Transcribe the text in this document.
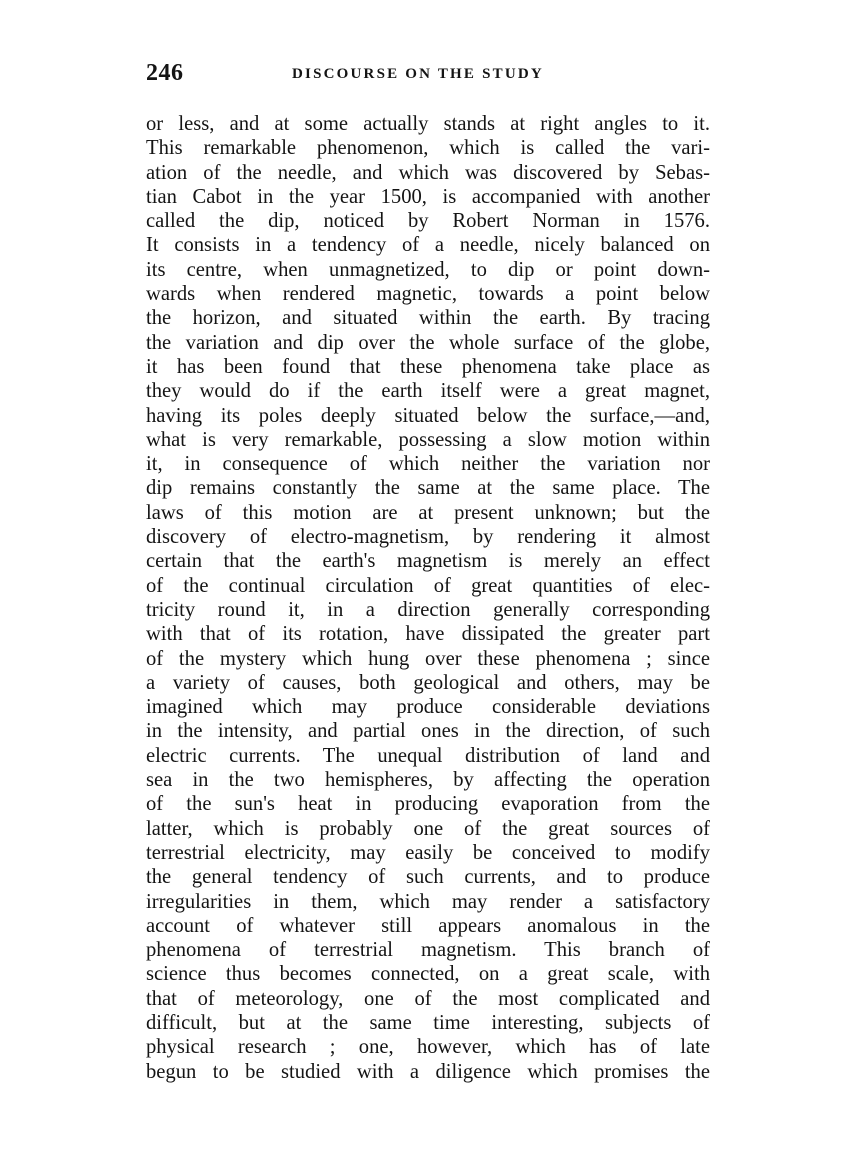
246	DISCOURSE ON THE STUDY
or less, and at some actually stands at right angles to it.
This remarkable phenomenon, which is called the vari-
ation of the needle, and which was discovered by Sebas-
tian Cabot in the year 1500, is accompanied with another
called the dip, noticed by Robert Norman in 1576.
It consists in a tendency of a needle, nicely balanced on
its centre, when unmagnetized, to dip or point down-
wards when rendered magnetic, towards a point below
the horizon, and situated within the earth. By tracing
the variation and dip over the whole surface of the globe,
it has been found that these phenomena take place as
they would do if the earth itself were a great magnet,
having its poles deeply situated below the surface,—and,
what is very remarkable, possessing a slow motion within
it, in consequence of which neither the variation nor
dip remains constantly the same at the same place. The
laws of this motion are at present unknown; but the
discovery of electro-magnetism, by rendering it almost
certain that the earth's magnetism is merely an effect
of the continual circulation of great quantities of elec-
tricity round it, in a direction generally corresponding
with that of its rotation, have dissipated the greater part
of the mystery which hung over these phenomena ; since
a variety of causes, both geological and others, may be
imagined which may produce considerable deviations
in the intensity, and partial ones in the direction, of such
electric currents. The unequal distribution of land and
sea in the two hemispheres, by affecting the operation
of the sun's heat in producing evaporation from the
latter, which is probably one of the great sources of
terrestrial electricity, may easily be conceived to modify
the general tendency of such currents, and to produce
irregularities in them, which may render a satisfactory
account of whatever still appears anomalous in the
phenomena of terrestrial magnetism. This branch of
science thus becomes connected, on a great scale, with
that of meteorology, one of the most complicated and
difficult, but at the same time interesting, subjects of
physical research ; one, however, which has of late
begun to be studied with a diligence which promises the
